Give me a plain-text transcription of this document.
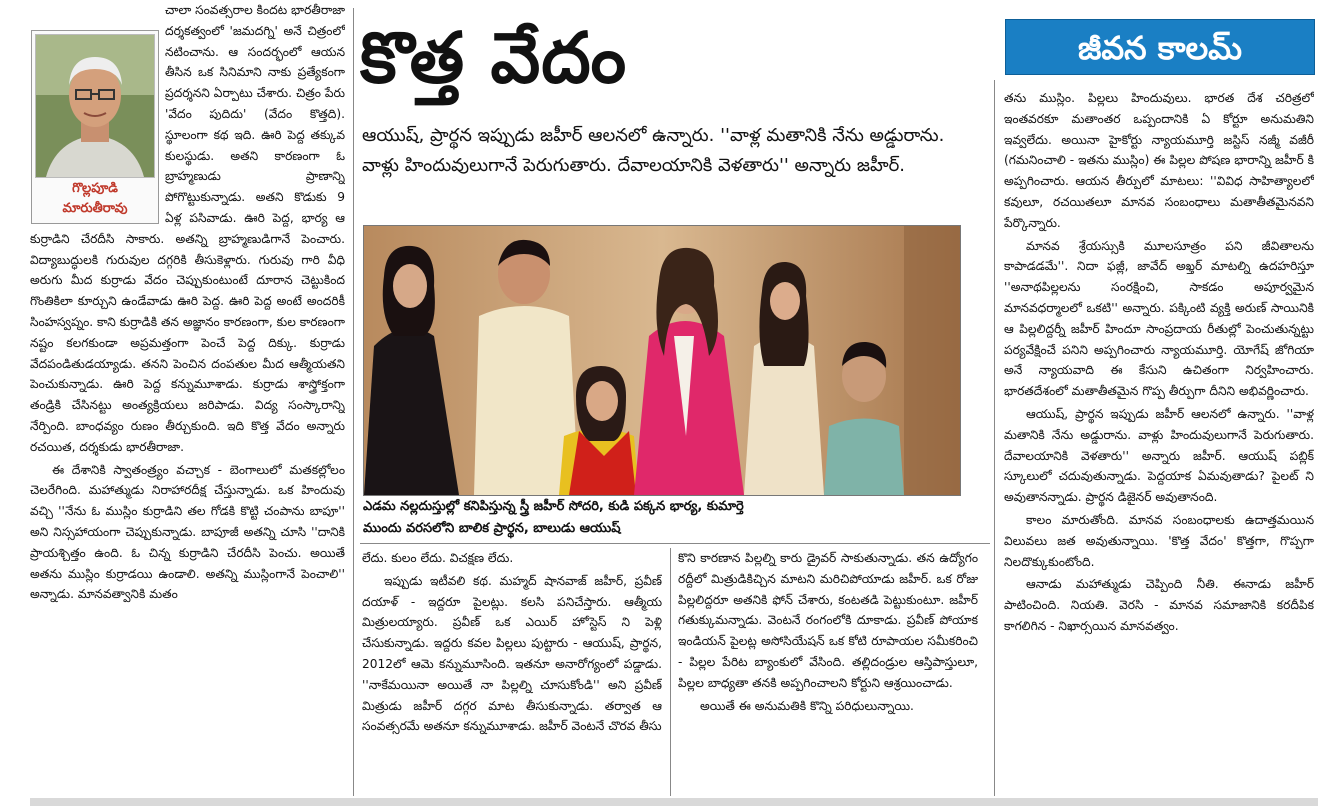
గొల్లపూడి
మారుతీరావు

చాలా సంవత్సరాల కిందట భారతీరాజా దర్శకత్వంలో 'జమదగ్ని' అనే చిత్రంలో నటించాను. ఆ సందర్భంలో ఆయన తీసిన ఒక సినిమాని నాకు ప్రత్యేకంగా ప్రదర్శనని ఏర్పాటు చేశారు. చిత్రం పేరు 'వేదం పుదిదు' (వేదం కొత్తది). స్థూలంగా కథ ఇది. ఊరి పెద్ద తక్కువ కులస్థుడు. అతని కారణంగా ఓ బ్రాహ్మణుడు ప్రాణాన్ని పోగొట్టుకున్నాడు. అతని కొడుకు 9 ఏళ్ల పసివాడు. ఊరి పెద్ద, భార్య ఆ కుర్రాడిని చేరదీసి సాకారు. అతన్ని బ్రాహ్మణుడిగానే పెంచారు. విద్యాబుద్ధులకి గురువుల దగ్గరికి తీసుకెళ్లారు. గురువు గారి వీధి అరుగు మీద కుర్రాడు వేదం చెప్పుకుంటుంటే దూరాన చెట్టుకింద గొంతికిలా కూర్చుని ఉండేవాడు ఊరి పెద్ద. ఊరి పెద్ద అంటే అందరికీ సింహస్వప్నం. కాని కుర్రాడికి తన అజ్ఞానం కారణంగా, కుల కారణంగా నష్టం కలగకుండా అప్రమత్తంగా పెంచే పెద్ద దిక్కు. కుర్రాడు వేదపండితుడయ్యాడు. తనని పెంచిన దంపతుల మీద ఆత్మీయతని పెంచుకున్నాడు. ఊరి పెద్ద కన్నుమూశాడు. కుర్రాడు శాస్త్రోక్తంగా తండ్రికి చేసినట్టు అంత్యక్రియలు జరిపాడు. విద్య సంస్కారాన్ని నేర్పింది. బాంధవ్యం రుణం తీర్చుకుంది. ఇది కొత్త వేదం అన్నారు రచయిత, దర్శకుడు భారతీరాజా.

ఈ దేశానికి స్వాతంత్ర్యం వచ్చాక - బెంగాలులో మతకల్లోలం చెలరేగింది. మహాత్ముడు నిరాహారదీక్ష చేస్తున్నాడు. ఒక హిందువు వచ్చి ''నేను ఓ ముస్లిం కుర్రాడిని తల గోడకి కొట్టి చంపాను బాపూ'' అని నిస్సహాయంగా చెప్పుకున్నాడు. బాపూజీ అతన్ని చూసి ''దానికి ప్రాయశ్చిత్తం ఉంది. ఓ చిన్న కుర్రాడిని చేరదీసి పెంచు. అయితే అతను ముస్లిం కుర్రాడయి ఉండాలి. అతన్ని ముస్లింగానే పెంచాలి'' అన్నాడు. మానవత్వానికి మతం

కొత్త వేదం	జీవన కాలమ్
ఆయుష్, ప్రార్థన ఇప్పుడు జహీర్ ఆలనలో ఉన్నారు. ''వాళ్ల మతానికి నేను అడ్డురాను. వాళ్లు హిందువులుగానే పెరుగుతారు. దేవాలయానికి వెళతారు'' అన్నారు జహీర్.
ఎడమ నల్లదుస్తుల్లో కనిపిస్తున్న స్త్రీ జహీర్ సోదరి, కుడి పక్కన భార్య, కుమార్తె
ముందు వరసలోని బాలిక ప్రార్థన, బాలుడు ఆయుష్

లేదు. కులం లేదు. విచక్షణ లేదు.

ఇప్పుడు ఇటీవలి కథ. మహ్మద్ షానవాజ్ జహీర్, ప్రవీణ్ దయాళ్ - ఇద్దరూ పైలట్లు. కలసి పనిచేస్తారు. ఆత్మీయ మిత్రులయ్యారు. ప్రవీణ్ ఒక ఎయిర్ హోస్టెస్ ని పెళ్లి చేసుకున్నాడు. ఇద్దరు కవల పిల్లలు పుట్టారు - ఆయుష్, ప్రార్థన, 2012లో ఆమె కన్నుమూసింది. ఇతనూ అనారోగ్యంలో పడ్డాడు. ''నాకేమయినా అయితే నా పిల్లల్ని చూసుకోండి'' అని ప్రవీణ్ మిత్రుడు జహీర్ దగ్గర మాట తీసుకున్నాడు. తర్వాత ఆ సంవత్సరమే అతనూ కన్నుమూశాడు. జహీర్ వెంటనే చొరవ తీసు

కొని కారణాన పిల్లల్ని కారు డ్రైవర్ సాకుతున్నాడు. తన ఉద్యోగం రద్దీలో మిత్రుడికిచ్చిన మాటని మరిచిపోయాడు జహీర్. ఒక రోజు పిల్లలిద్దరూ అతనికి ఫోన్ చేశారు, కంటతడి పెట్టుకుంటూ. జహీర్ గతుక్కుమన్నాడు. వెంటనే రంగంలోకి దూకాడు. ప్రవీణ్ పోయాక ఇండియన్ పైలట్ల అసోసియేషన్ ఒక కోటి రూపాయల సమీకరించి - పిల్లల పేరిట బ్యాంకులో వేసింది. తల్లిదండ్రుల ఆస్తిపాస్తులూ, పిల్లల బాధ్యతా తనకి అప్పగించాలని కోర్టుని ఆశ్రయించాడు.

అయితే ఈ అనుమతికి కొన్ని పరిధులున్నాయి.

తను ముస్లిం. పిల్లలు హిందువులు. భారత దేశ చరిత్రలో ఇంతవరకూ మతాంతర ఒప్పందానికి ఏ కోర్టూ అనుమతిని ఇవ్వలేదు. అయినా హైకోర్టు న్యాయమూర్తి జస్టిస్ నజ్మీ వజీరీ (గమనించాలి - ఇతను ముస్లిం) ఈ పిల్లల పోషణ భారాన్ని జహీర్ కి అప్పగించారు. ఆయన తీర్పులో మాటలు: ''వివిధ సాహిత్యాలలో కవులూ, రచయితలూ మానవ సంబంధాలు మతాతీతమైనవని పేర్కొన్నారు.

మానవ శ్రేయస్సుకి మూలసూత్రం పని జీవితాలను కాపాడడమే''. నిదా ఫజ్లీ, జావేద్ అఖ్తర్ మాటల్ని ఉదహరిస్తూ ''అనాథపిల్లలను సంరక్షించి, సాకడం అపూర్వమైన మానవధర్మాలలో ఒకటి'' అన్నారు. పక్కింటి వ్యక్తి అరుణ్ సాయినికి ఆ పిల్లలిద్దర్నీ జహీర్ హిందూ సాంప్రదాయ రీతుల్లో పెంచుతున్నట్టు పర్యవేక్షించే పనిని అప్పగించారు న్యాయమూర్తి. యోగేష్ జోగియా అనే న్యాయవాది ఈ కేసుని ఉచితంగా నిర్వహించారు. భారతదేశంలో మతాతీతమైన గొప్ప తీర్పుగా దీనిని అభివర్ణించారు.

ఆయుష్, ప్రార్థన ఇప్పుడు జహీర్ ఆలనలో ఉన్నారు. ''వాళ్ల మతానికి నేను అడ్డురాను. వాళ్లు హిందువులుగానే పెరుగుతారు. దేవాలయానికి వెళతారు'' అన్నారు జహీర్. ఆయుష్ పబ్లిక్ స్కూలులో చదువుతున్నాడు. పెద్దయాక ఏమవుతాడు? పైలట్ ని అవుతానన్నాడు. ప్రార్థన డిజైనర్ అవుతానంది.

కాలం మారుతోంది. మానవ సంబంధాలకు ఉదాత్తమయిన విలువలు జత అవుతున్నాయి. 'కొత్త వేదం' కొత్తగా, గొప్పగా నిలదొక్కుకుంటోంది.

ఆనాడు మహాత్ముడు చెప్పింది నీతి. ఈనాడు జహీర్ పాటించింది. నియతి. వెరసి - మానవ సమాజానికి కరదీపిక కాగలిగిన - నిఖార్సయిన మానవత్వం.
